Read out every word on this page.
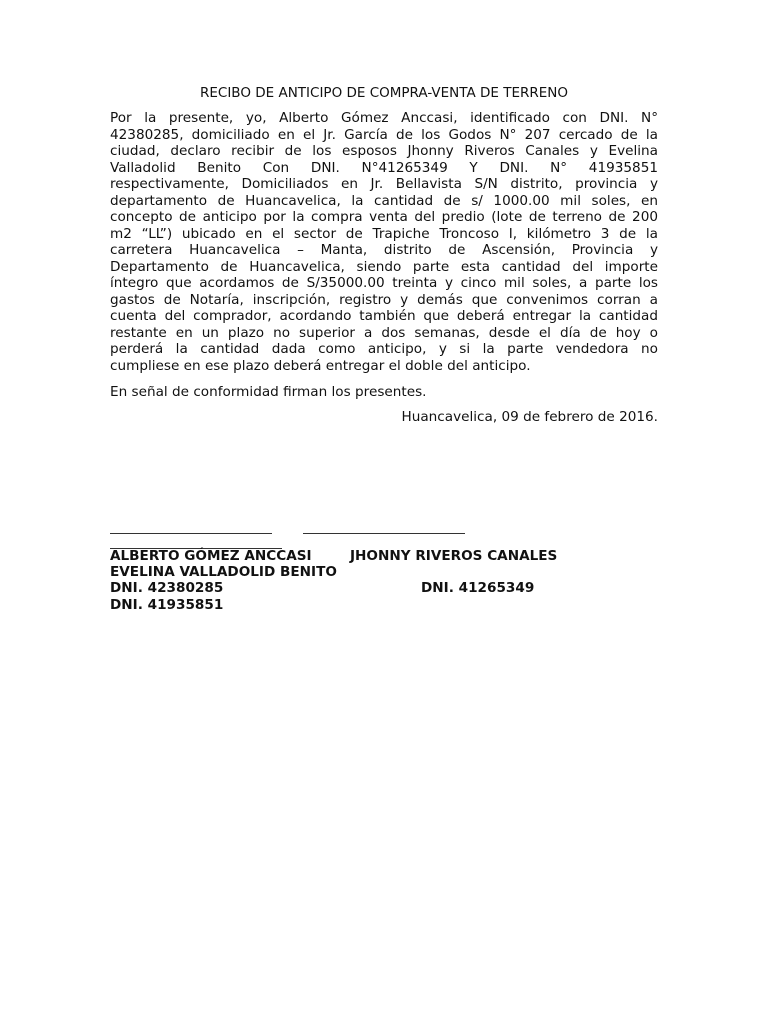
RECIBO DE ANTICIPO DE COMPRA-VENTA DE TERRENO
Por la presente, yo, Alberto Gómez Anccasi, identificado con DNI. N°
42380285, domiciliado en el Jr. García de los Godos N° 207 cercado de la
ciudad, declaro recibir de los esposos Jhonny Riveros Canales y Evelina
Valladolid Benito Con DNI. N°41265349 Y DNI. N° 41935851
respectivamente, Domiciliados en Jr. Bellavista S/N distrito, provincia y
departamento de Huancavelica, la cantidad de s/ 1000.00 mil soles, en
concepto de anticipo por la compra venta del predio (lote de terreno de 200
m2 “LL”) ubicado en el sector de Trapiche Troncoso I, kilómetro 3 de la
carretera Huancavelica – Manta, distrito de Ascensión, Provincia y
Departamento de Huancavelica, siendo parte esta cantidad del importe
íntegro que acordamos de S/35000.00 treinta y cinco mil soles, a parte los
gastos de Notaría, inscripción, registro y demás que convenimos corran a
cuenta del comprador, acordando también que deberá entregar la cantidad
restante en un plazo no superior a dos semanas, desde el día de hoy o
perderá la cantidad dada como anticipo, y si la parte vendedora no
cumpliese en ese plazo deberá entregar el doble del anticipo.
En señal de conformidad firman los presentes.
Huancavelica, 09 de febrero de 2016.
ALBERTO GÓMEZ ANCCASI	JHONNY RIVEROS CANALES
EVELINA VALLADOLID BENITO
DNI. 42380285	DNI. 41265349
DNI. 41935851
